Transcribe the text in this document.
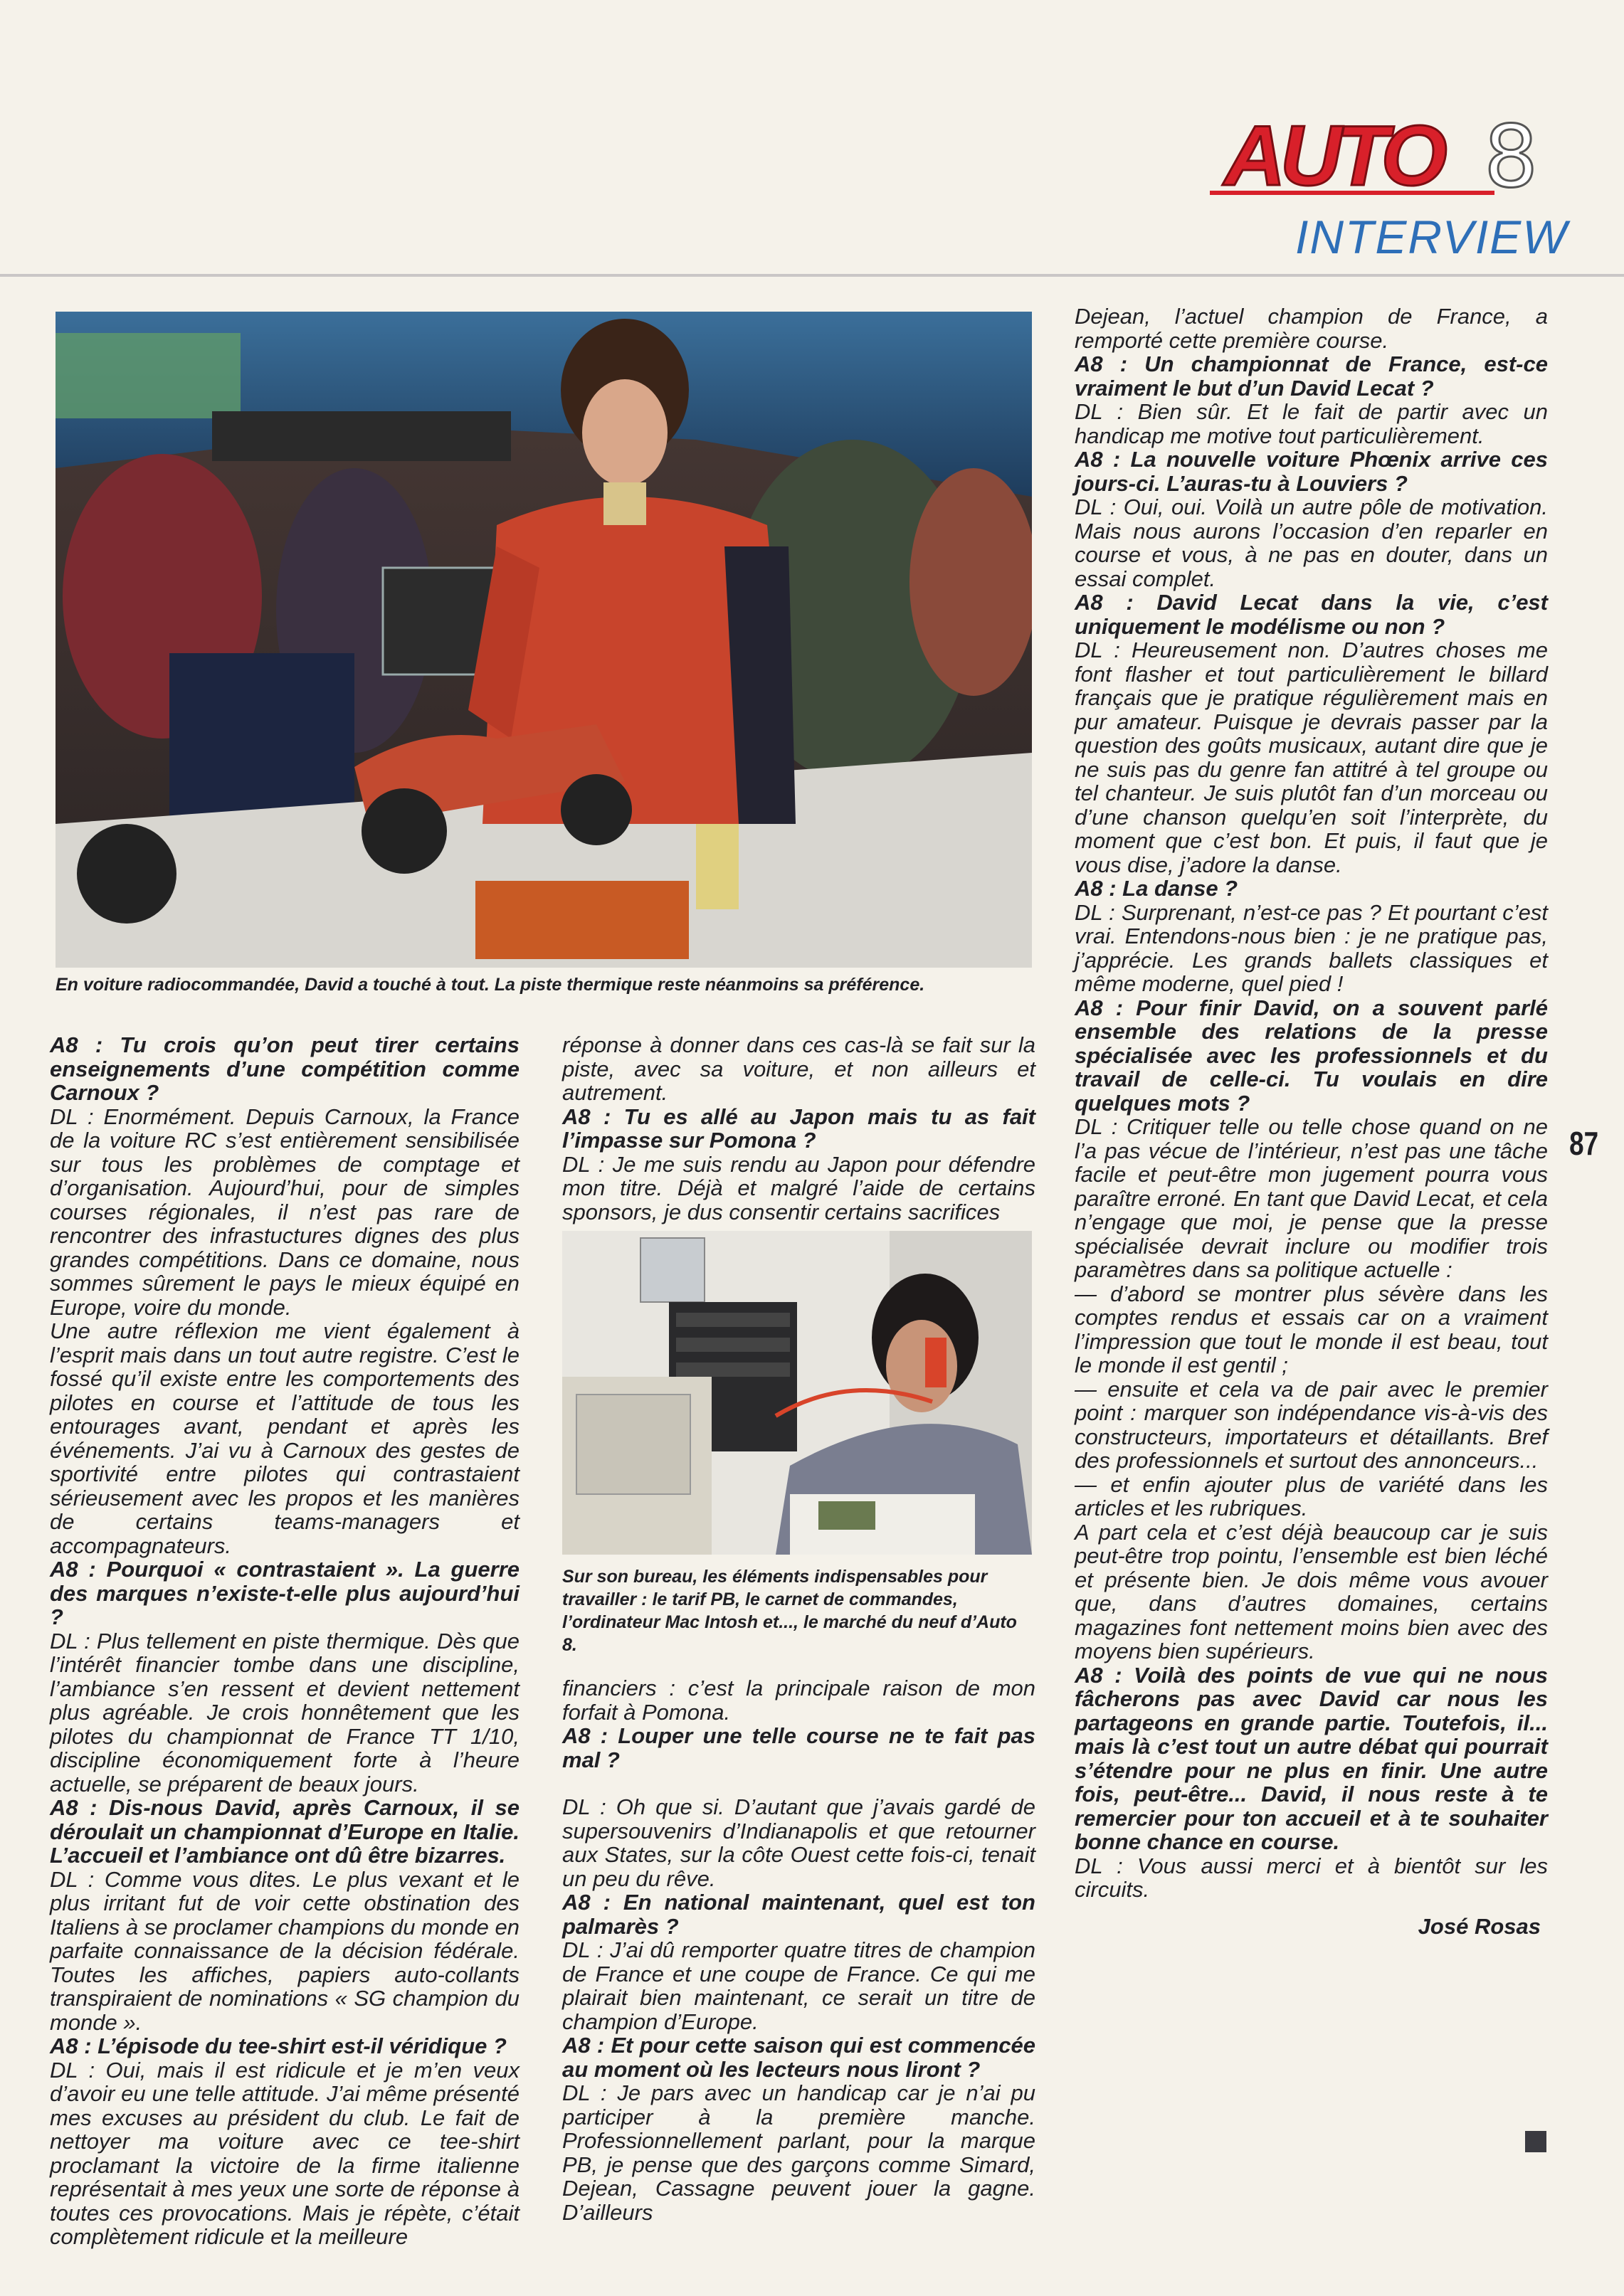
AUTO 8
INTERVIEW
En voiture radiocommandée, David a touché à tout. La piste thermique reste néanmoins sa préférence.

A8 : Tu crois qu’on peut tirer certains enseignements d’une compétition comme Carnoux ?

DL : Enormément. Depuis Carnoux, la France de la voiture RC s’est entièrement sensibilisée sur tous les problèmes de comptage et d’organisation. Aujourd’hui, pour de simples courses régionales, il n’est pas rare de rencontrer des infrastuctures dignes des plus grandes compétitions. Dans ce domaine, nous sommes sûrement le pays le mieux équipé en Europe, voire du monde.

Une autre réflexion me vient également à l’esprit mais dans un tout autre registre. C’est le fossé qu’il existe entre les comportements des pilotes en course et l’attitude de tous les entourages avant, pendant et après les événements. J’ai vu à Carnoux des gestes de sportivité entre pilotes qui contrastaient sérieusement avec les propos et les manières de certains teams-managers et accompagnateurs.

A8 : Pourquoi « contrastaient ». La guerre des marques n’existe-t-elle plus aujourd’hui ?

DL : Plus tellement en piste thermique. Dès que l’intérêt financier tombe dans une discipline, l’ambiance s’en ressent et devient nettement plus agréable. Je crois honnêtement que les pilotes du championnat de France TT 1/10, discipline économiquement forte à l’heure actuelle, se préparent de beaux jours.

A8 : Dis-nous David, après Carnoux, il se déroulait un championnat d’Europe en Italie. L’accueil et l’ambiance ont dû être bizarres.

DL : Comme vous dites. Le plus vexant et le plus irritant fut de voir cette obstination des Italiens à se proclamer champions du monde en parfaite connaissance de la décision fédérale. Toutes les affiches, papiers auto-collants transpiraient de nominations « SG champion du monde ».

A8 : L’épisode du tee-shirt est-il véridique ?

DL : Oui, mais il est ridicule et je m’en veux d’avoir eu une telle attitude. J’ai même présenté mes excuses au président du club. Le fait de nettoyer ma voiture avec ce tee-shirt proclamant la victoire de la firme italienne représentait à mes yeux une sorte de réponse à toutes ces provocations. Mais je répète, c’était complètement ridicule et la meilleure

réponse à donner dans ces cas-là se fait sur la piste, avec sa voiture, et non ailleurs et autrement.

A8 : Tu es allé au Japon mais tu as fait l’impasse sur Pomona ?

DL : Je me suis rendu au Japon pour défendre mon titre. Déjà et malgré l’aide de certains sponsors, je dus consentir certains sacrifices

Sur son bureau, les éléments indispensables pour travailler : le tarif PB, le carnet de commandes, l’ordinateur Mac Intosh et..., le marché du neuf d’Auto 8.

financiers : c’est la principale raison de mon forfait à Pomona.

A8 : Louper une telle course ne te fait pas mal ?

DL : Oh que si. D’autant que j’avais gardé de supersouvenirs d’Indianapolis et que retourner aux States, sur la côte Ouest cette fois-ci, tenait un peu du rêve.

A8 : En national maintenant, quel est ton palmarès ?

DL : J’ai dû remporter quatre titres de champion de France et une coupe de France. Ce qui me plairait bien maintenant, ce serait un titre de champion d’Europe.

A8 : Et pour cette saison qui est commencée au moment où les lecteurs nous liront ?

DL : Je pars avec un handicap car je n’ai pu participer à la première manche. Professionnellement parlant, pour la marque PB, je pense que des garçons comme Simard, Dejean, Cassagne peuvent jouer la gagne. D’ailleurs

Dejean, l’actuel champion de France, a remporté cette première course.

A8 : Un championnat de France, est-ce vraiment le but d’un David Lecat ?

DL : Bien sûr. Et le fait de partir avec un handicap me motive tout particulièrement.

A8 : La nouvelle voiture Phœnix arrive ces jours-ci. L’auras-tu à Louviers ?

DL : Oui, oui. Voilà un autre pôle de motivation. Mais nous aurons l’occasion d’en reparler en course et vous, à ne pas en douter, dans un essai complet.

A8 : David Lecat dans la vie, c’est uniquement le modélisme ou non ?

DL : Heureusement non. D’autres choses me font flasher et tout particulièrement le billard français que je pratique régulièrement mais en pur amateur. Puisque je devrais passer par la question des goûts musicaux, autant dire que je ne suis pas du genre fan attitré à tel groupe ou tel chanteur. Je suis plutôt fan d’un morceau ou d’une chanson quelqu’en soit l’interprète, du moment que c’est bon. Et puis, il faut que je vous dise, j’adore la danse.

A8 : La danse ?

DL : Surprenant, n’est-ce pas ? Et pourtant c’est vrai. Entendons-nous bien : je ne pratique pas, j’apprécie. Les grands ballets classiques et même moderne, quel pied !

A8 : Pour finir David, on a souvent parlé ensemble des relations de la presse spécialisée avec les professionnels et du travail de celle-ci. Tu voulais en dire quelques mots ?

DL : Critiquer telle ou telle chose quand on ne l’a pas vécue de l’intérieur, n’est pas une tâche facile et peut-être mon jugement pourra vous paraître erroné. En tant que David Lecat, et cela n’engage que moi, je pense que la presse spécialisée devrait inclure ou modifier trois paramètres dans sa politique actuelle :

— d’abord se montrer plus sévère dans les comptes rendus et essais car on a vraiment l’impression que tout le monde il est beau, tout le monde il est gentil ;

— ensuite et cela va de pair avec le premier point : marquer son indépendance vis-à-vis des constructeurs, importateurs et détaillants. Bref des professionnels et surtout des annonceurs...

— et enfin ajouter plus de variété dans les articles et les rubriques.

A part cela et c’est déjà beaucoup car je suis peut-être trop pointu, l’ensemble est bien léché et présente bien. Je dois même vous avouer que, dans d’autres domaines, certains magazines font nettement moins bien avec des moyens bien supérieurs.

A8 : Voilà des points de vue qui ne nous fâcherons pas avec David car nous les partageons en grande partie. Toutefois, il... mais là c’est tout un autre débat qui pourrait s’étendre pour ne plus en finir. Une autre fois, peut-être... David, il nous reste à te remercier pour ton accueil et à te souhaiter bonne chance en course.

DL : Vous aussi merci et à bientôt sur les circuits.

José Rosas

87
